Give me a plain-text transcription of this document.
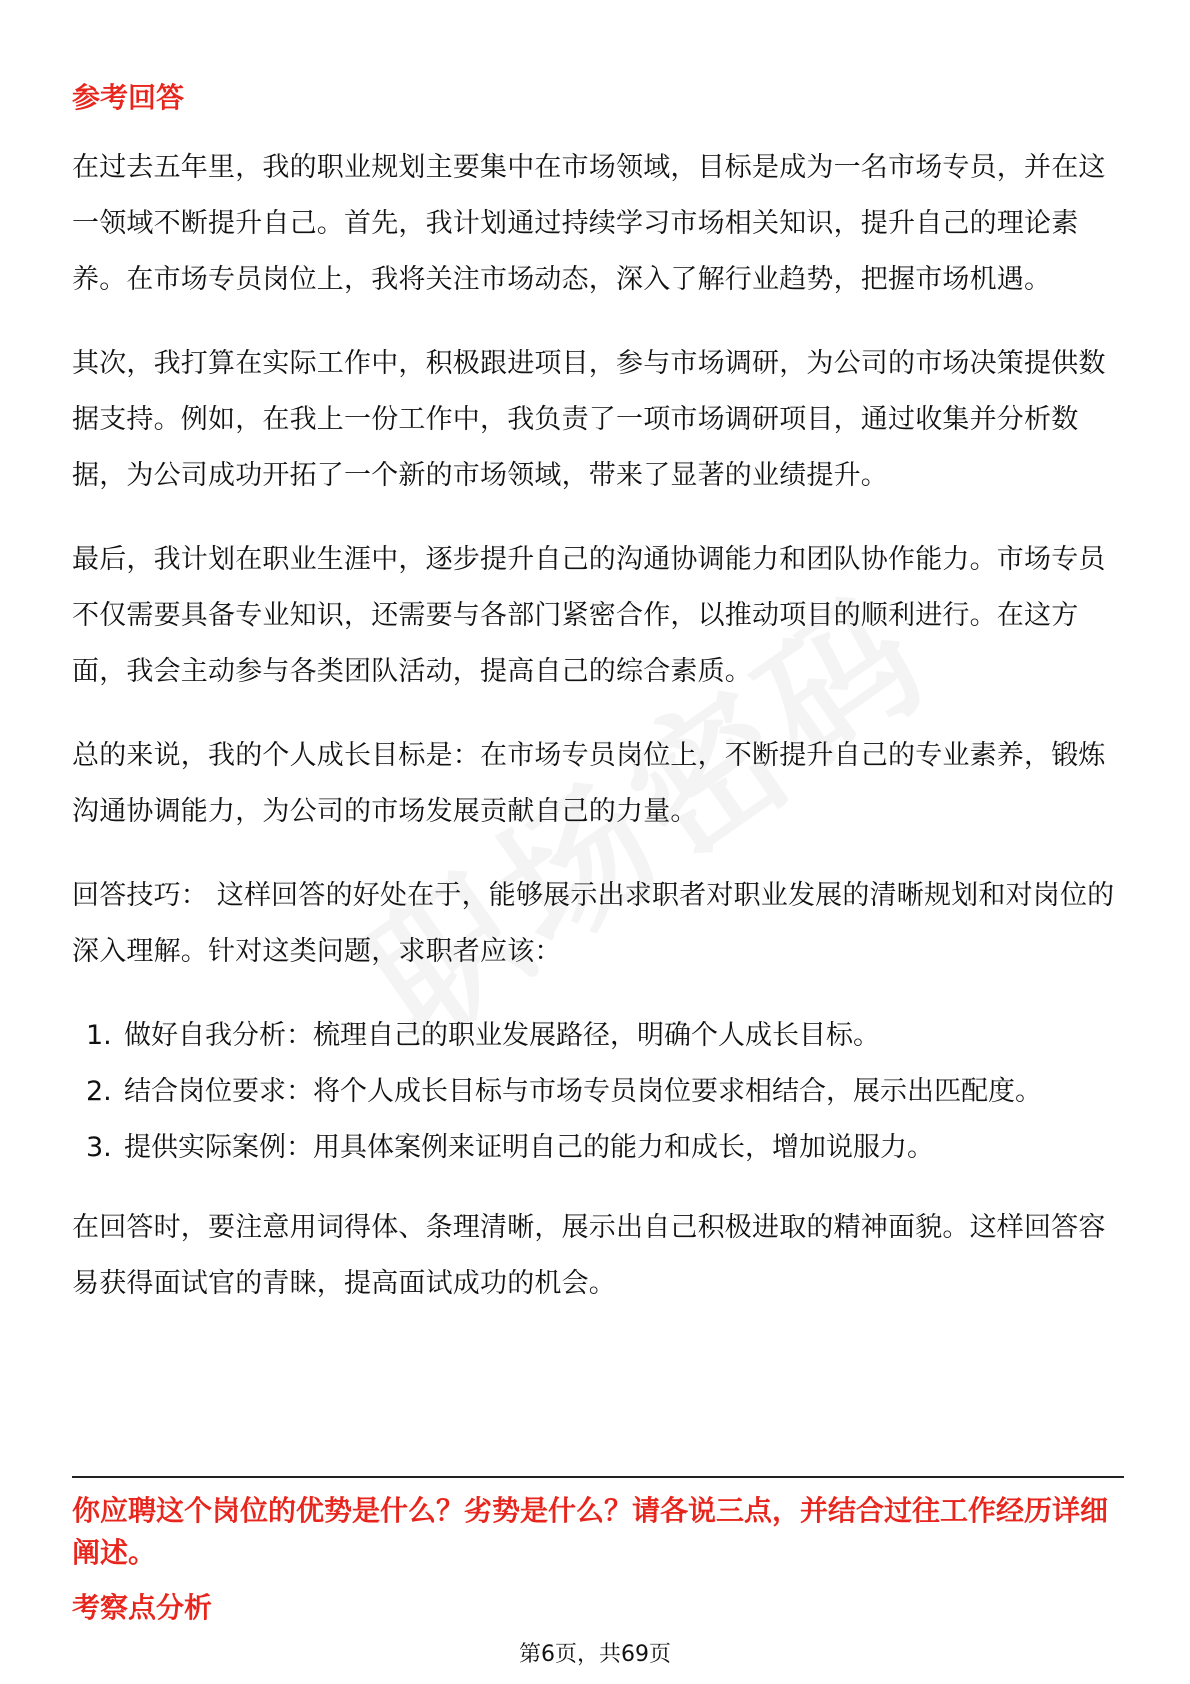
参考回答

在过去五年里，我的职业规划主要集中在市场领域，目标是成为一名市场专员，并在这一领域不断提升自己。首先，我计划通过持续学习市场相关知识，提升自己的理论素养。在市场专员岗位上，我将关注市场动态，深入了解行业趋势，把握市场机遇。

其次，我打算在实际工作中，积极跟进项目，参与市场调研，为公司的市场决策提供数据支持。例如，在我上一份工作中，我负责了一项市场调研项目，通过收集并分析数据，为公司成功开拓了一个新的市场领域，带来了显著的业绩提升。

最后，我计划在职业生涯中，逐步提升自己的沟通协调能力和团队协作能力。市场专员不仅需要具备专业知识，还需要与各部门紧密合作，以推动项目的顺利进行。在这方面，我会主动参与各类团队活动，提高自己的综合素质。

总的来说，我的个人成长目标是：在市场专员岗位上，不断提升自己的专业素养，锻炼沟通协调能力，为公司的市场发展贡献自己的力量。

回答技巧： 这样回答的好处在于，能够展示出求职者对职业发展的清晰规划和对岗位的深入理解。针对这类问题，求职者应该：

1. 做好自我分析：梳理自己的职业发展路径，明确个人成长目标。
2. 结合岗位要求：将个人成长目标与市场专员岗位要求相结合，展示出匹配度。
3. 提供实际案例：用具体案例来证明自己的能力和成长，增加说服力。

在回答时，要注意用词得体、条理清晰，展示出自己积极进取的精神面貌。这样回答容易获得面试官的青睐，提高面试成功的机会。

你应聘这个岗位的优势是什么？劣势是什么？请各说三点，并结合过往工作经历详细阐述。
考察点分析
第6页，共69页
